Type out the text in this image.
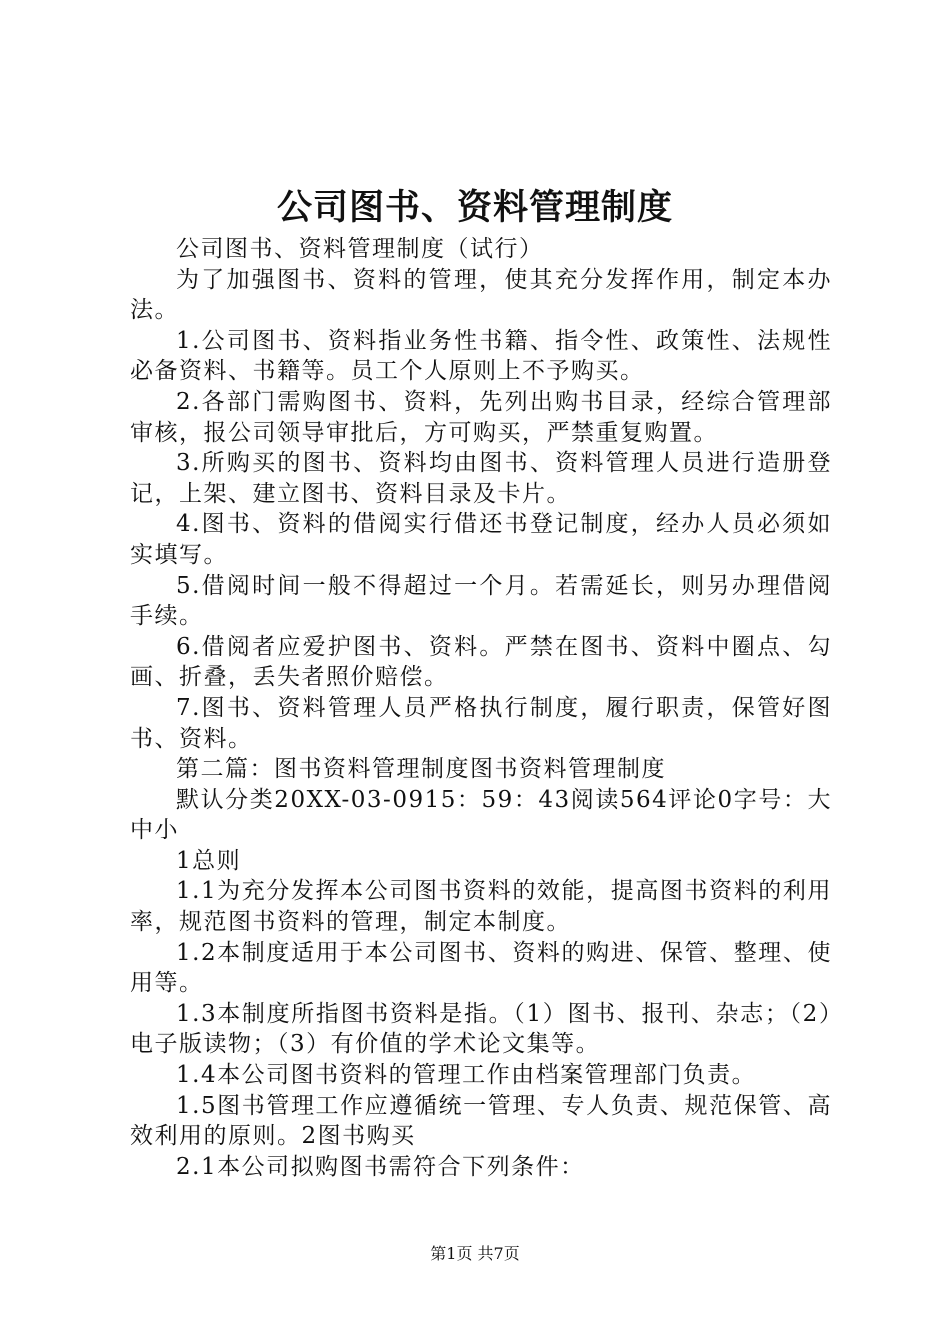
公司图书、资料管理制度

公司图书、资料管理制度（试行）

为了加强图书、资料的管理，使其充分发挥作用，制定本办法。

1.公司图书、资料指业务性书籍、指令性、政策性、法规性必备资料、书籍等。员工个人原则上不予购买。

2.各部门需购图书、资料，先列出购书目录，经综合管理部审核，报公司领导审批后，方可购买，严禁重复购置。

3.所购买的图书、资料均由图书、资料管理人员进行造册登记，上架、建立图书、资料目录及卡片。

4.图书、资料的借阅实行借还书登记制度，经办人员必须如实填写。

5.借阅时间一般不得超过一个月。若需延长，则另办理借阅手续。

6.借阅者应爱护图书、资料。严禁在图书、资料中圈点、勾画、折叠，丢失者照价赔偿。

7.图书、资料管理人员严格执行制度，履行职责，保管好图书、资料。

第二篇：图书资料管理制度图书资料管理制度

默认分类20XX-03-0915：59：43阅读564评论0字号：大中小

1总则

1.1为充分发挥本公司图书资料的效能，提高图书资料的利用率，规范图书资料的管理，制定本制度。

1.2本制度适用于本公司图书、资料的购进、保管、整理、使用等。

1.3本制度所指图书资料是指。（1）图书、报刊、杂志；（2）电子版读物；（3）有价值的学术论文集等。

1.4本公司图书资料的管理工作由档案管理部门负责。

1.5图书管理工作应遵循统一管理、专人负责、规范保管、高效利用的原则。2图书购买

2.1本公司拟购图书需符合下列条件：

第1页 共7页
